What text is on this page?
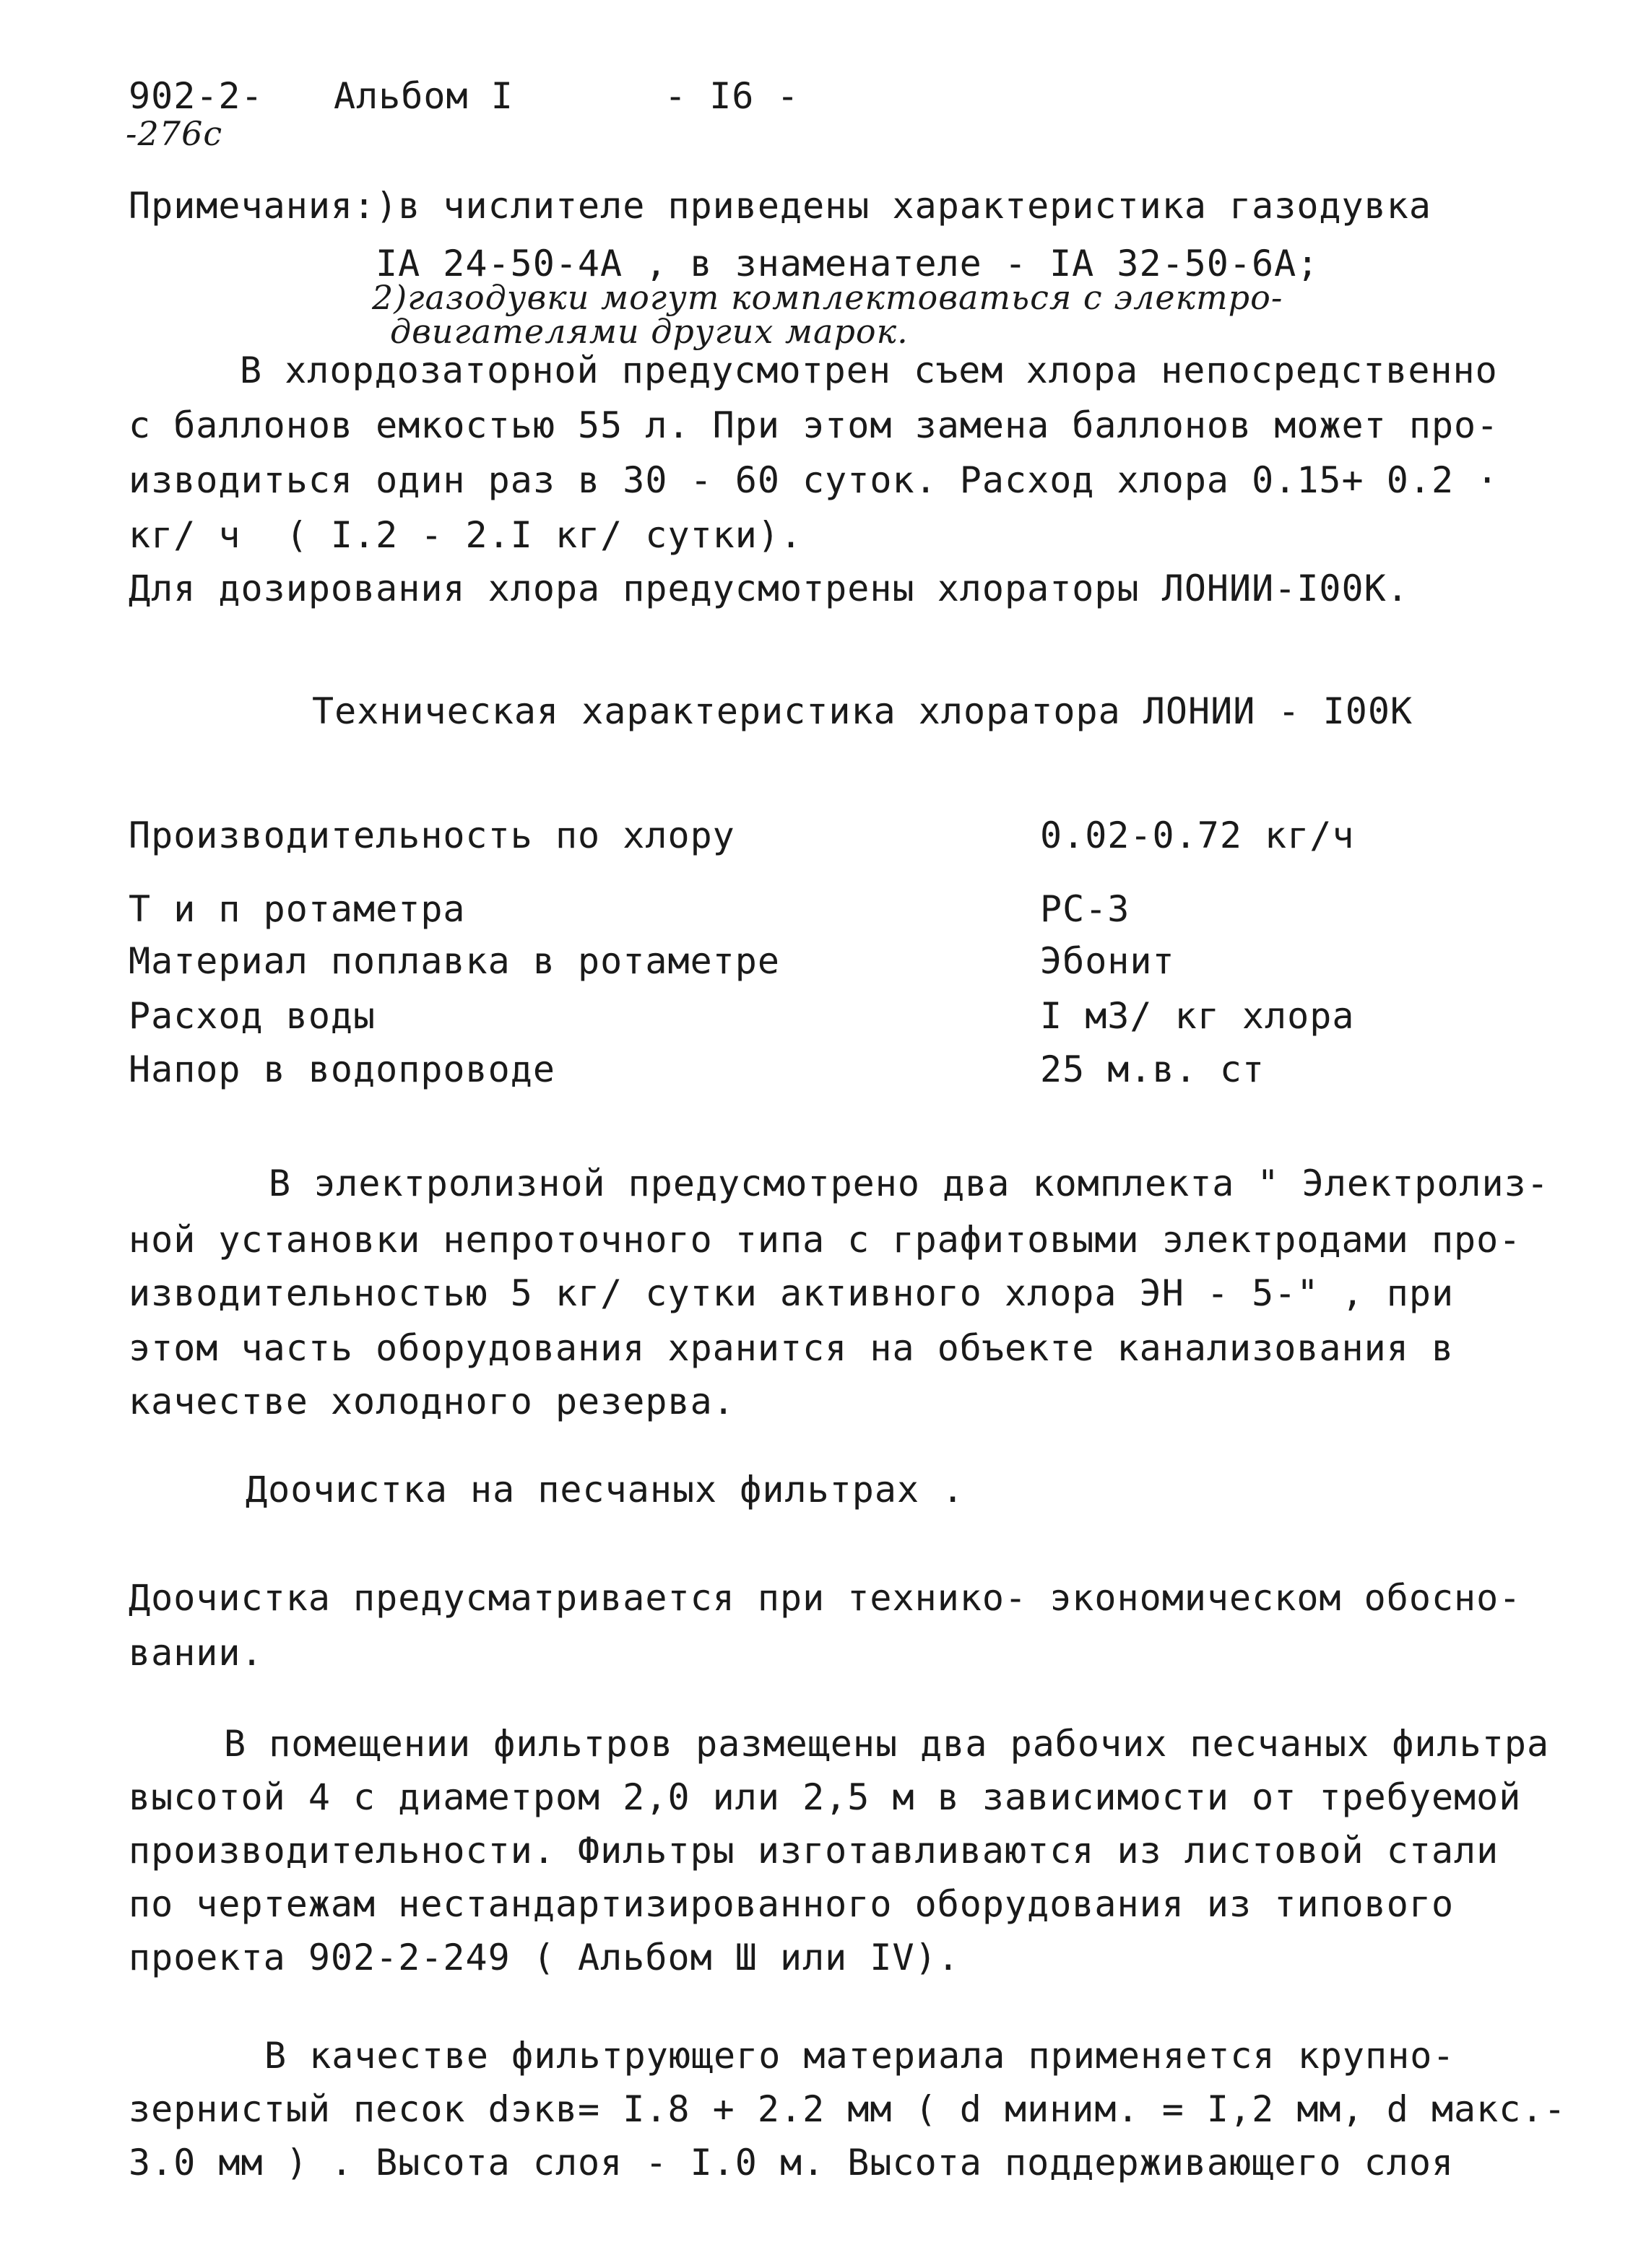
902-2-
-276c
Альбом I	- I6 -
Примечания:)в числителе приведены характеристика газодувка
IA 24-50-4A , в знаменателе - IA 32-50-6A;
2)газодувки могут комплектоваться с электро-
двигателями других марок.
В хлордозаторной предусмотрен съем хлора непосредственно
с баллонов емкостью 55 л. При этом замена баллонов может про-
изводиться один раз в 30 - 60 суток. Расход хлора 0.15+ 0.2 ·
кг/ ч  ( I.2 - 2.I кг/ сутки).
Для дозирования хлора предусмотрены хлораторы ЛОНИИ-I00К.
Техническая характеристика хлоратора ЛОНИИ - I00К
Производительность по хлору	0.02-0.72 кг/ч
Т и п ротаметра	РС-3
Материал поплавка в ротаметре	Эбонит
Расход воды	I м3/ кг хлора
Напор в водопроводе	25 м.в. ст
В электролизной предусмотрено два комплекта " Электролиз-
ной установки непроточного типа с графитовыми электродами про-
изводительностью 5 кг/ сутки активного хлора ЭН - 5-" , при
этом часть оборудования хранится на объекте канализования в
качестве холодного резерва.
Доочистка на песчаных фильтрах .
Доочистка предусматривается при технико- экономическом обосно-
вании.
В помещении фильтров размещены два рабочих песчаных фильтра
высотой 4 с диаметром 2,0 или 2,5 м в зависимости от требуемой
производительности. Фильтры изготавливаются из листовой стали
по чертежам нестандартизированного оборудования из типового
проекта 902-2-249 ( Альбом Ш или IV).
В качестве фильтрующего материала применяется крупно-
зернистый песок dэкв= I.8 + 2.2 мм ( d миним. = I,2 мм, d макс.-
3.0 мм ) . Высота слоя - I.0 м. Высота поддерживающего слоя
